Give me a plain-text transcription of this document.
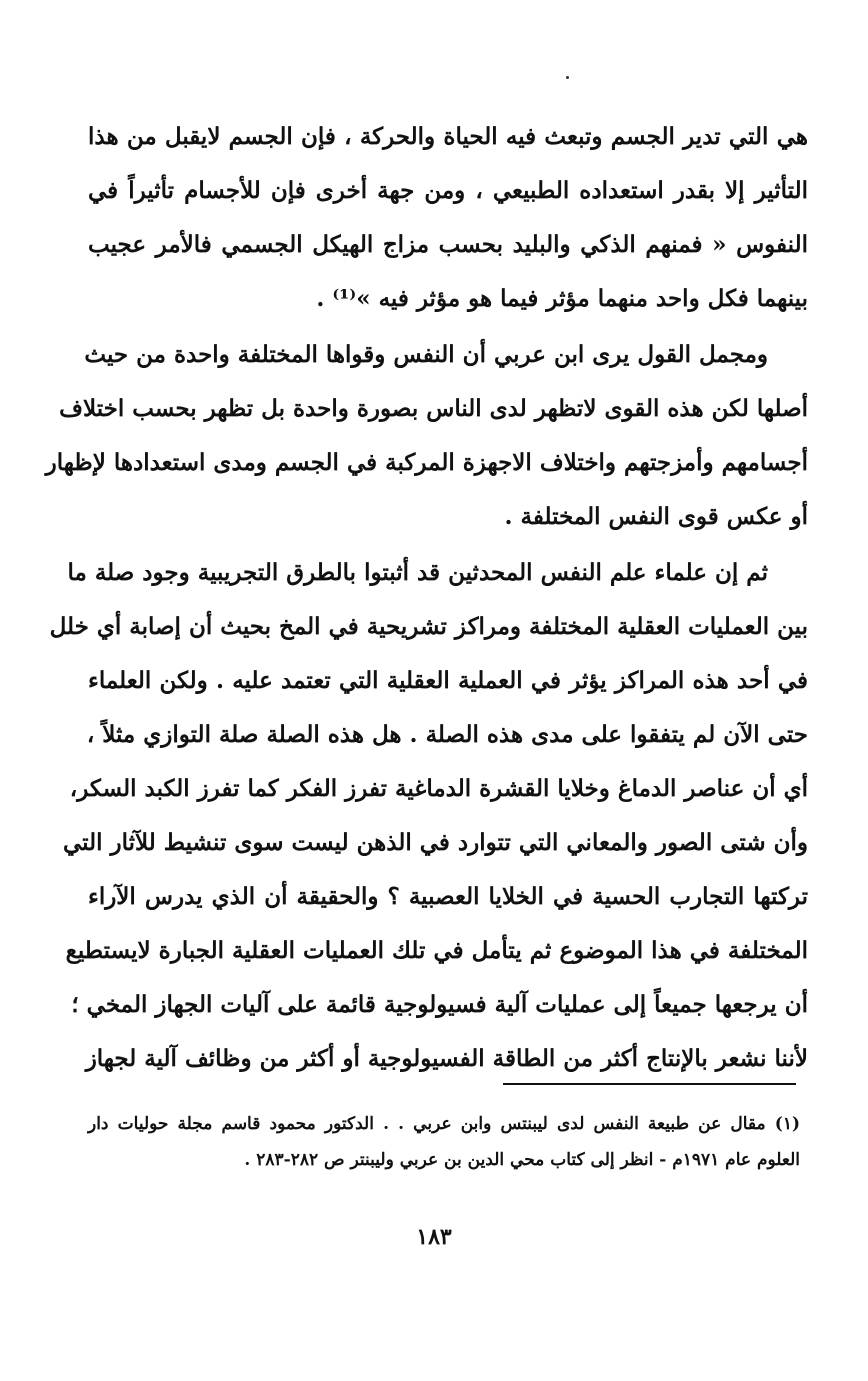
هي التي تدير الجسم وتبعث فيه الحياة والحركة ، فإن الجسم لايقبل من هذا
التأثير إلا بقدر استعداده الطبيعي ، ومن جهة أخرى فإن للأجسام تأثيراً في
النفوس « فمنهم الذكي والبليد بحسب مزاج الهيكل الجسمي فالأمر عجيب
بينهما فكل واحد منهما مؤثر فيما هو مؤثر فيه »⁽¹⁾ .
ومجمل القول يرى ابن عربي أن النفس وقواها المختلفة واحدة من حيث
أصلها لكن هذه القوى لاتظهر لدى الناس بصورة واحدة بل تظهر بحسب اختلاف
أجسامهم وأمزجتهم واختلاف الاجهزة المركبة في الجسم ومدى استعدادها لإظهار
أو عكس قوى النفس المختلفة .
ثم إن علماء علم النفس المحدثين قد أثبتوا بالطرق التجريبية وجود صلة ما
بين العمليات العقلية المختلفة ومراكز تشريحية في المخ بحيث أن إصابة أي خلل
في أحد هذه المراكز يؤثر في العملية العقلية التي تعتمد عليه . ولكن العلماء
حتى الآن لم يتفقوا على مدى هذه الصلة . هل هذه الصلة صلة التوازي مثلاً ،
أي أن عناصر الدماغ وخلايا القشرة الدماغية تفرز الفكر كما تفرز الكبد السكر،
وأن شتى الصور والمعاني التي تتوارد في الذهن ليست سوى تنشيط للآثار التي
تركتها التجارب الحسية في الخلايا العصبية ؟ والحقيقة أن الذي يدرس الآراء
المختلفة في هذا الموضوع ثم يتأمل في تلك العمليات العقلية الجبارة لايستطيع
أن يرجعها جميعاً إلى عمليات آلية فسيولوجية قائمة على آليات الجهاز المخي ؛
لأننا نشعر بالإنتاج أكثر من الطاقة الفسيولوجية أو أكثر من وظائف آلية لجهاز
(١) مقال عن طبيعة النفس لدى ليبنتس وابن عربي . . الدكتور محمود قاسم مجلة حوليات دار
العلوم عام ١٩٧١م - انظر إلى كتاب محي الدين بن عربي وليبنتر ص ٢٨٢-٢٨٣ .
١٨٣
